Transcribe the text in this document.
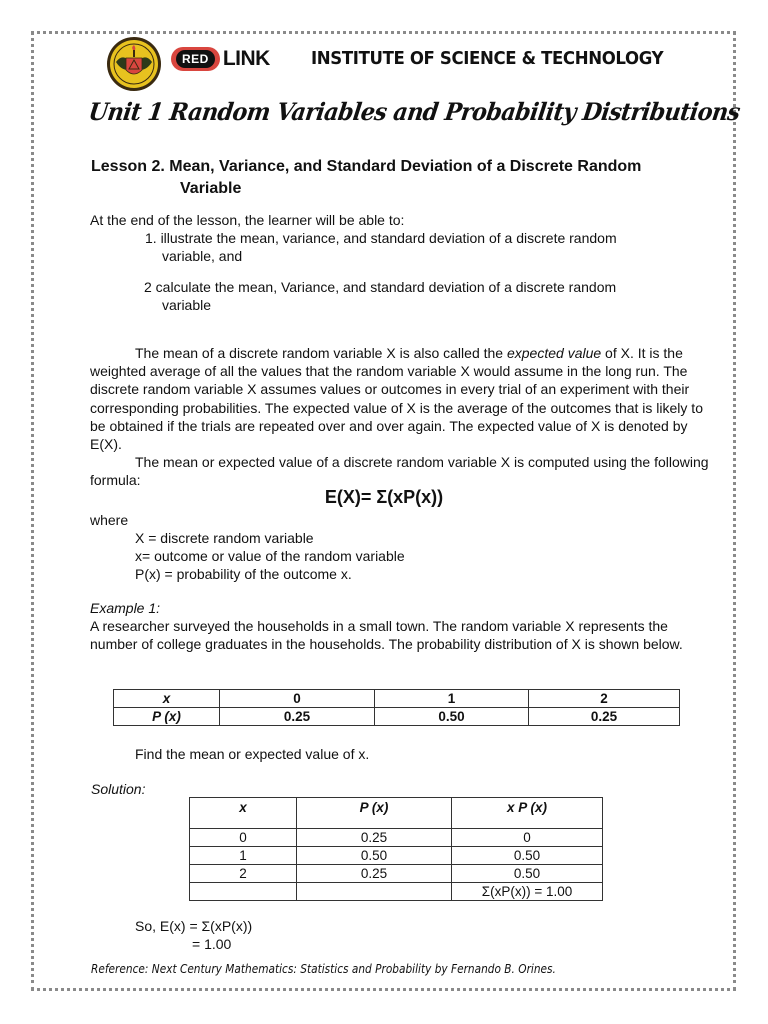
RED LINK INSTITUTE OF SCIENCE & TECHNOLOGY
Unit 1 Random Variables and Probability Distributions
Lesson 2. Mean, Variance, and Standard Deviation of a Discrete Random
Variable
At the end of the lesson, the learner will be able to:
1. illustrate the mean, variance, and standard deviation of a discrete random
variable, and
2 calculate the mean, Variance, and standard deviation of a discrete random
variable

The mean of a discrete random variable X is also called the expected value of X. It is the weighted average of all the values that the random variable X would assume in the long run. The discrete random variable X assumes values or outcomes in every trial of an experiment with their corresponding probabilities. The expected value of X is the average of the outcomes that is likely to be obtained if the trials are repeated over and over again. The expected value of X is denoted by E(X).

The mean or expected value of a discrete random variable X is computed using the following formula:

E(X)= Σ(xP(x))
where
X = discrete random variable
x= outcome or value of the random variable
P(x) = probability of the outcome x.
Example 1:
A researcher surveyed the households in a small town. The random variable X represents the number of college graduates in the households. The probability distribution of X is shown below.
x	0	1	2
P (x)	0.25	0.50	0.25
Find the mean or expected value of x.
Solution:
x	P (x)	x P (x)
0	0.25	0
1	0.50	0.50
2	0.25	0.50
		Σ(xP(x)) = 1.00
So, E(x) = Σ(xP(x))
= 1.00
Reference: Next Century Mathematics: Statistics and Probability by Fernando B. Orines.
